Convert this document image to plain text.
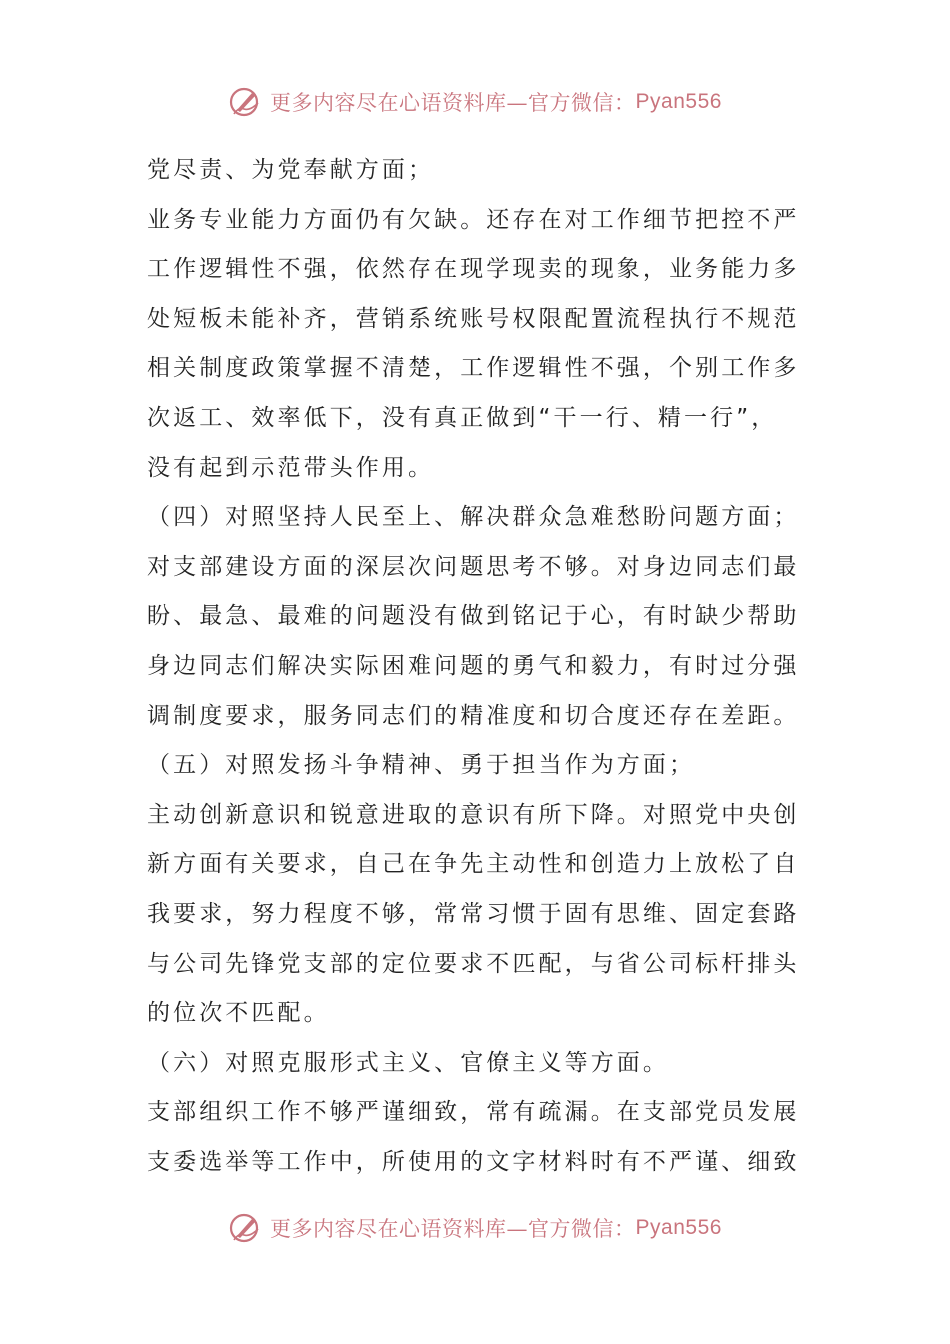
更多内容尽在心语资料库—官方微信： Pyan556
党尽责、为党奉献方面；
业务专业能力方面仍有欠缺。还存在对工作细节把控不严
工作逻辑性不强，依然存在现学现卖的现象，业务能力多
处短板未能补齐，营销系统账号权限配置流程执行不规范
相关制度政策掌握不清楚，工作逻辑性不强，个别工作多
次返工、效率低下，没有真正做到“干一行、精一行”，
没有起到示范带头作用。
（四）对照坚持人民至上、解决群众急难愁盼问题方面；
对支部建设方面的深层次问题思考不够。对身边同志们最
盼、最急、最难的问题没有做到铭记于心，有时缺少帮助
身边同志们解决实际困难问题的勇气和毅力，有时过分强
调制度要求，服务同志们的精准度和切合度还存在差距。
（五）对照发扬斗争精神、勇于担当作为方面；
主动创新意识和锐意进取的意识有所下降。对照党中央创
新方面有关要求，自己在争先主动性和创造力上放松了自
我要求，努力程度不够，常常习惯于固有思维、固定套路
与公司先锋党支部的定位要求不匹配，与省公司标杆排头
的位次不匹配。
（六）对照克服形式主义、官僚主义等方面。
支部组织工作不够严谨细致，常有疏漏。在支部党员发展
支委选举等工作中，所使用的文字材料时有不严谨、细致
更多内容尽在心语资料库—官方微信： Pyan556
